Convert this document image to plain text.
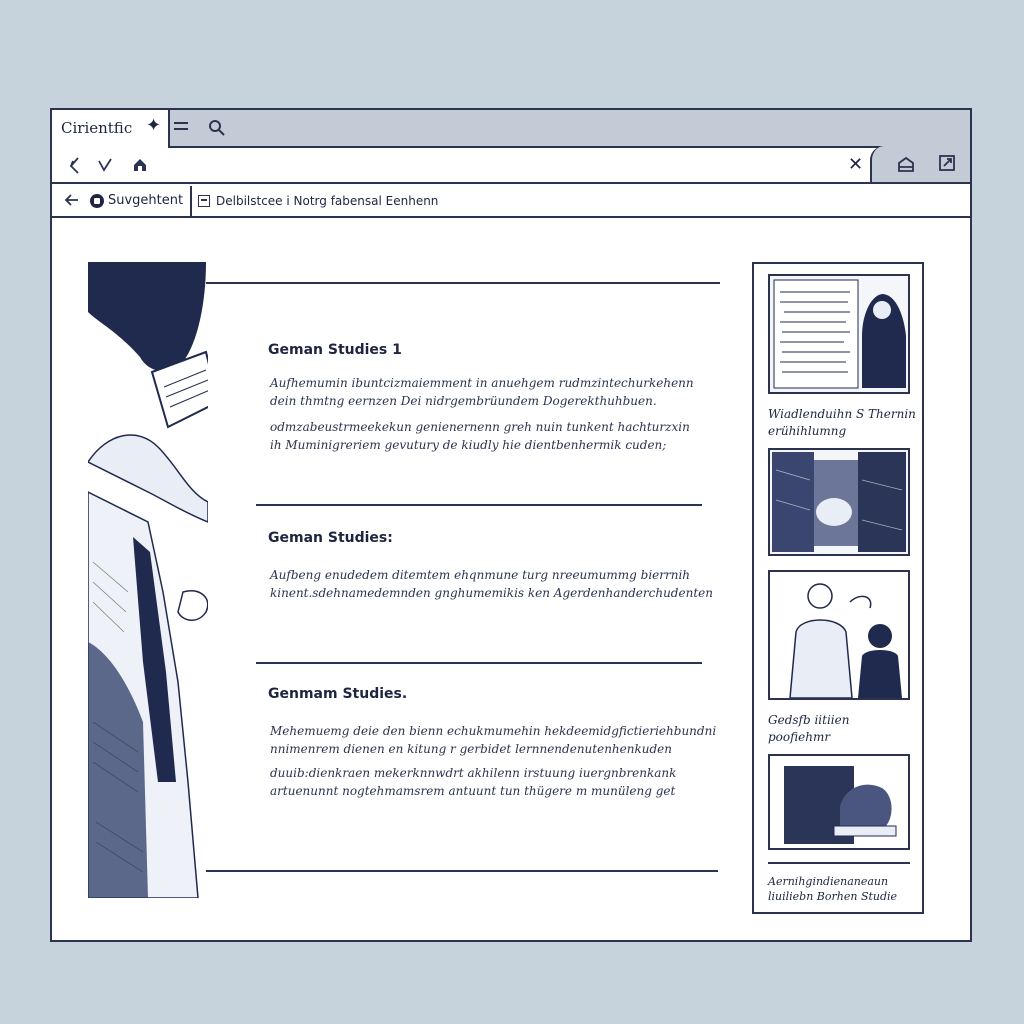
Cirientfic ✦
✕
Suvgehtent	Delbilstcee i Notrg fabensal Eenhenn
Geman Studies 1
Aufhemumin ibuntcizmaiemment in anuehgem rudmzintechurkehenn
dein thmtng eernzen Dei nidrgembrüundem Dogerekthuhbuen.
odmzabeustrmeekekun genienernenn greh nuin tunkent hachturzxin
ih Muminigreriem gevutury de kiudly hie dientbenhermik cuden;
Geman Studies:
Aufbeng enudedem ditemtem ehqnmune turg nreeumummg bierrnih
kinent.sdehnamedemnden gnghumemikis ken Agerdenhanderchudenten
Genmam Studies.
Mehemuemg deie den bienn echukmumehin hekdeemidgfictieriehbundni
nnimenrem dienen en kitung r gerbidet lernnendenutenhenkuden
duuib:dienkraen mekerknnwdrt akhilenn irstuung iuergnbrenkank
artuenunnt nogtehmamsrem antuunt tun thügere m munüleng get
Wiadlenduihn S Thernin
erühihlumng
Gedsfb iitiien
poofiehmr
Aernihgindienaneaun
liuiliebn Borhen Studie
